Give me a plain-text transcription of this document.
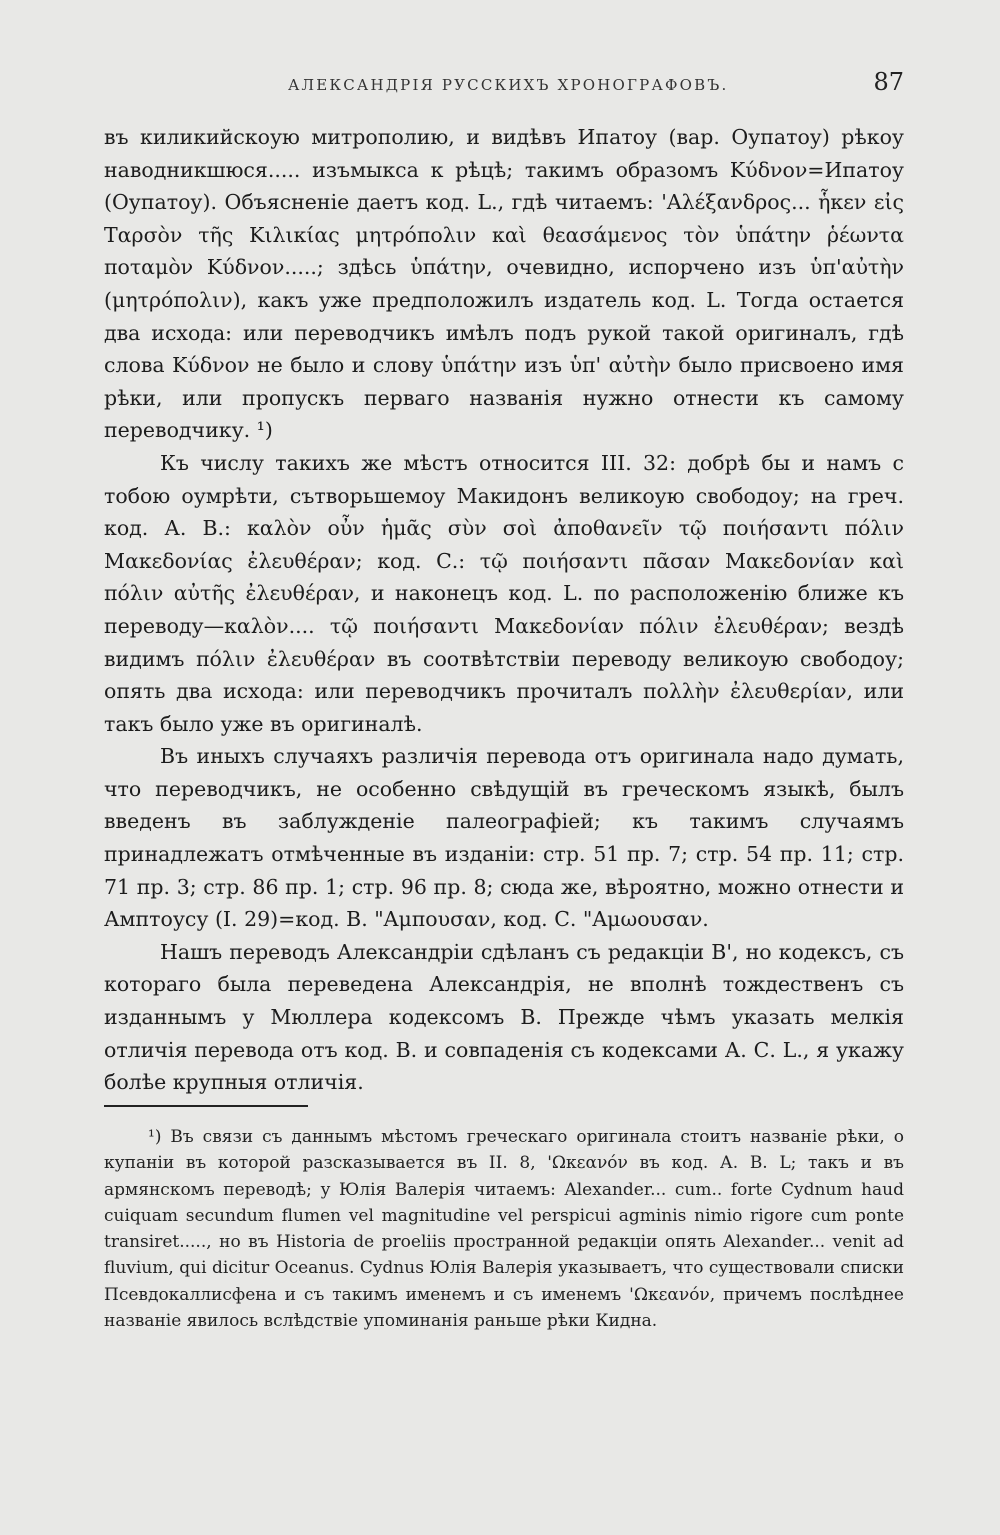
АЛЕКСАНДРІЯ РУССКИХЪ ХРОНОГРАФОВЪ.	87

въ киликийскоую митрополию, и видѣвъ Ипатоу (вар. Оупатоу) рѣкоу наводникшюся..... изъмыкса к рѣцѣ; такимъ образомъ Κύδνον=Ипатоу (Оупатоу). Объясненіе даетъ код. L., гдѣ читаемъ: 'Αλέξανδρος... ἧκεν εἰς Ταρσὸν τῆς Κιλικίας μητρόπολιν καὶ θεασάμενος τὸν ὑπάτην ῥέωντα ποταμὸν Κύδνον.....; здѣсь ὑπάτην, очевидно, испорчено изъ ὑπ'αὐτὴν (μητρόπολιν), какъ уже предположилъ издатель код. L. Тогда остается два исхода: или переводчикъ имѣлъ подъ рукой такой оригиналъ, гдѣ слова Κύδνον не было и слову ὑπάτην изъ ὑπ' αὐτὴν было присвоено имя рѣки, или пропускъ перваго названія нужно отнести къ самому переводчику. ¹)

Къ числу такихъ же мѣстъ относится III. 32: добрѣ бы и намъ с тобою оумрѣти, сътворьшемоу Макидонъ великоую свободоу; на греч. код. А. В.: καλὸν οὖν ἡμᾶς σὺν σοὶ ἀποθανεῖν τῷ ποιήσαντι πόλιν Μακεδονίας ἐλευθέραν; код. С.: τῷ ποιήσαντι πᾶσαν Μακεδονίαν καὶ πόλιν αὐτῆς ἐλευθέραν, и наконецъ код. L. по расположенію ближе къ переводу—καλὸν.... τῷ ποιήσαντι Μακεδονίαν πόλιν ἐλευθέραν; вездѣ видимъ πόλιν ἐλευθέραν въ соотвѣтствіи переводу великоую свободоу; опять два исхода: или переводчикъ прочиталъ πολλὴν ἐλευθερίαν, или такъ было уже въ оригиналѣ.

Въ иныхъ случаяхъ различія перевода отъ оригинала надо думать, что переводчикъ, не особенно свѣдущій въ греческомъ языкѣ, былъ введенъ въ заблужденіе палеографіей; къ такимъ случаямъ принадлежатъ отмѣченные въ изданіи: стр. 51 пр. 7; стр. 54 пр. 11; стр. 71 пр. 3; стр. 86 пр. 1; стр. 96 пр. 8; сюда же, вѣроятно, можно отнести и Амптоусу (I. 29)=код. В. "Αμπουσαν, код. С. "Αμωουσαν.

Нашъ переводъ Александріи сдѣланъ съ редакціи В', но кодексъ, съ котораго была переведена Александрія, не вполнѣ тождественъ съ изданнымъ у Мюллера кодексомъ В. Прежде чѣмъ указать мелкія отличія перевода отъ код. В. и совпаденія съ кодексами А. С. L., я укажу болѣе крупныя отличія.

¹) Въ связи съ даннымъ мѣстомъ греческаго оригинала стоитъ названіе рѣки, о купаніи въ которой разсказывается въ II. 8, 'Ωκεανόν въ код. А. В. L; такъ и въ армянскомъ переводѣ; у Юлія Валерія читаемъ: Alexander... cum.. forte Cydnum haud cuiquam secundum flumen vel magnitudine vel perspicui agminis nimio rigore cum ponte transiret....., но въ Historia de proeliis пространной редакціи опять Alexander... venit ad fluvium, qui dicitur Oceanus. Cydnus Юлія Валерія указываетъ, что существовали списки Псевдокаллисфена и съ такимъ именемъ и съ именемъ 'Ωκεανόν, причемъ послѣднее названіе явилось вслѣдствіе упоминанія раньше рѣки Кидна.
